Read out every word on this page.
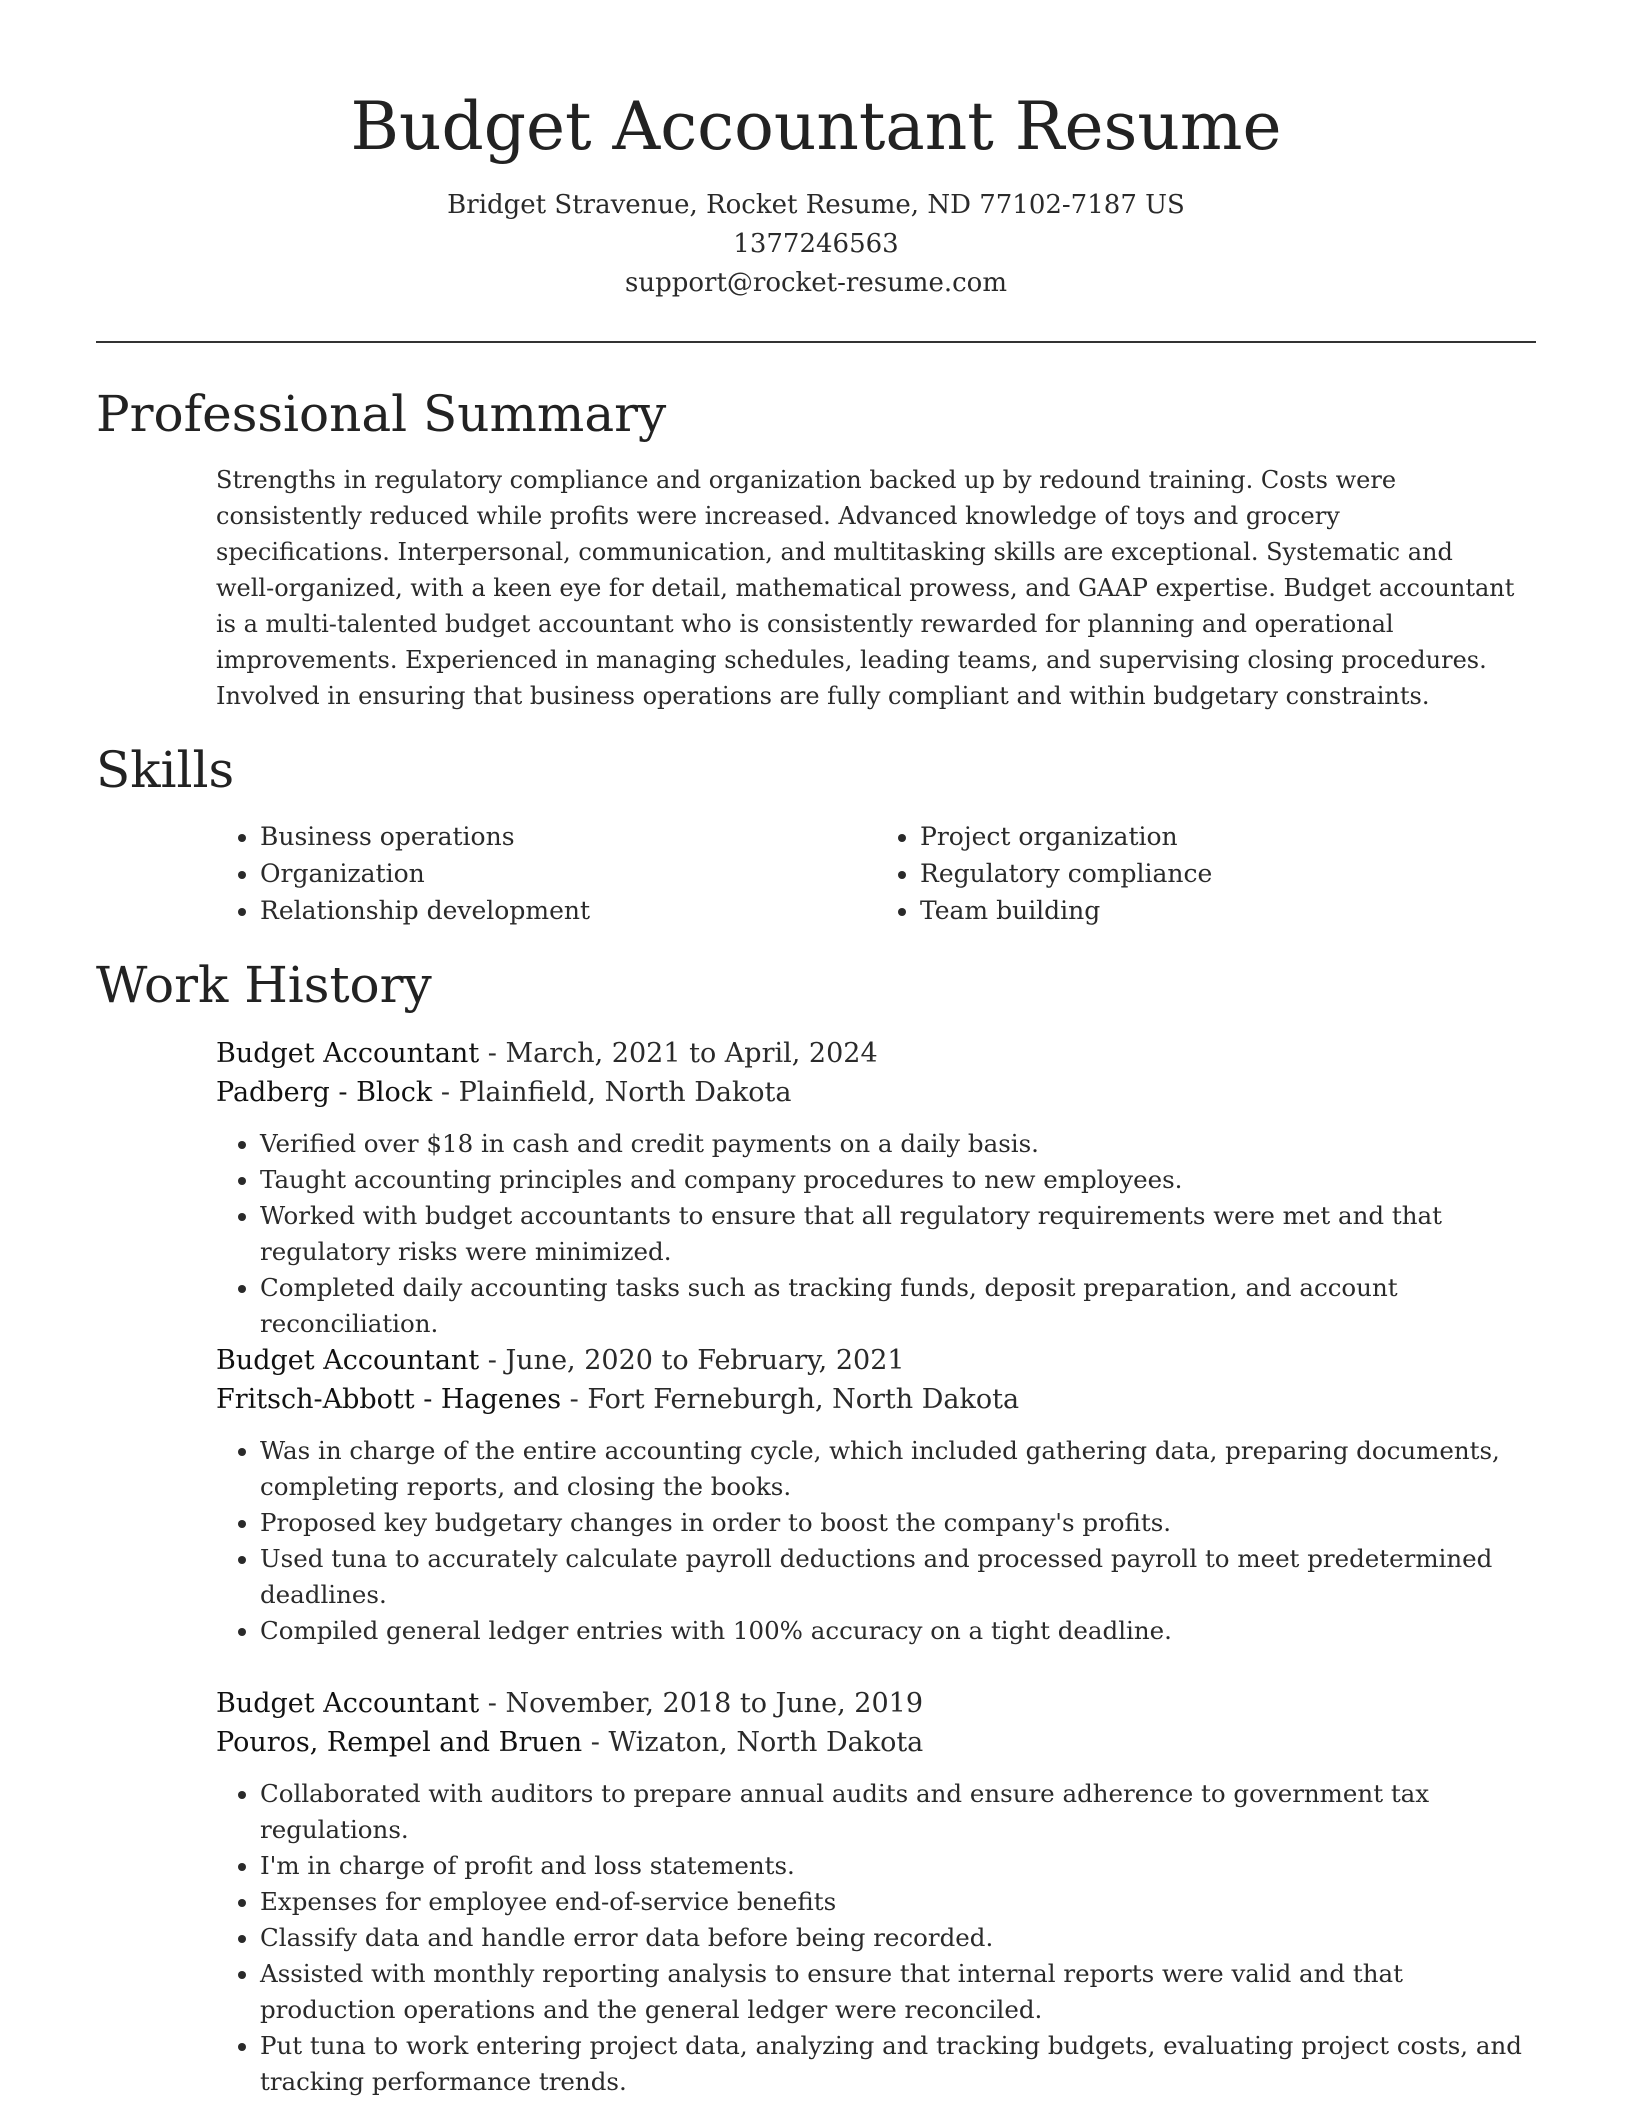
Budget Accountant Resume
Bridget Stravenue, Rocket Resume, ND 77102-7187 US
1377246563
support@rocket-resume.com
Professional Summary

Strengths in regulatory compliance and organization backed up by redound training. Costs were consistently reduced while profits were increased. Advanced knowledge of toys and grocery specifications. Interpersonal, communication, and multitasking skills are exceptional. Systematic and well-organized, with a keen eye for detail, mathematical prowess, and GAAP expertise. Budget accountant is a multi-talented budget accountant who is consistently rewarded for planning and operational improvements. Experienced in managing schedules, leading teams, and supervising closing procedures. Involved in ensuring that business operations are fully compliant and within budgetary constraints.

Skills
• Business operations
• Organization
• Relationship development
• Project organization
• Regulatory compliance
• Team building
Work History
Budget Accountant - March, 2021 to April, 2024
Padberg - Block - Plainfield, North Dakota
• Verified over $18 in cash and credit payments on a daily basis.
• Taught accounting principles and company procedures to new employees.
• Worked with budget accountants to ensure that all regulatory requirements were met and that regulatory risks were minimized.
• Completed daily accounting tasks such as tracking funds, deposit preparation, and account reconciliation.
Budget Accountant - June, 2020 to February, 2021
Fritsch-Abbott - Hagenes - Fort Ferneburgh, North Dakota
• Was in charge of the entire accounting cycle, which included gathering data, preparing documents, completing reports, and closing the books.
• Proposed key budgetary changes in order to boost the company's profits.
• Used tuna to accurately calculate payroll deductions and processed payroll to meet predetermined deadlines.
• Compiled general ledger entries with 100% accuracy on a tight deadline.
Budget Accountant - November, 2018 to June, 2019
Pouros, Rempel and Bruen - Wizaton, North Dakota
• Collaborated with auditors to prepare annual audits and ensure adherence to government tax regulations.
• I'm in charge of profit and loss statements.
• Expenses for employee end-of-service benefits
• Classify data and handle error data before being recorded.
• Assisted with monthly reporting analysis to ensure that internal reports were valid and that production operations and the general ledger were reconciled.
• Put tuna to work entering project data, analyzing and tracking budgets, evaluating project costs, and tracking performance trends.
